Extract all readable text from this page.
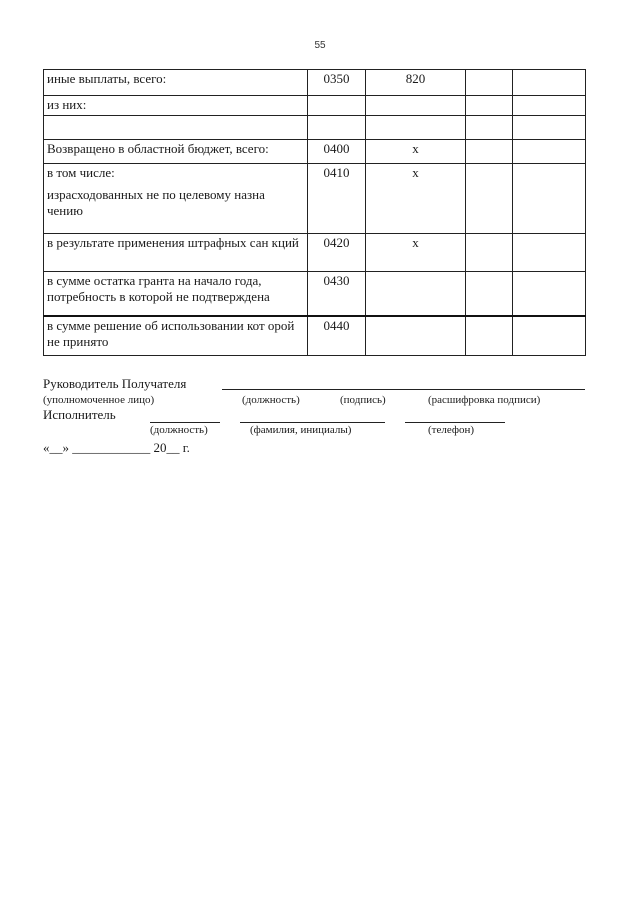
55
иные выплаты, всего:	0350	820		
из них:				

Возвращено в областной бюджет, всего:	0400	х		
в том числе:
израсходованных не по целевому назна чению	0410	х		
в результате применения штрафных сан кций	0420	х		
в сумме остатка гранта на начало года, потребность в которой не подтверждена	0430			
в сумме решение об использовании кот орой не принято	0440			
Руководитель Получателя
(уполномоченное лицо)	(должность)	(подпись)	(расшифровка подписи)
Исполнитель
(должность)	(фамилия, инициалы)	(телефон)
«__» ____________ 20__ г.
